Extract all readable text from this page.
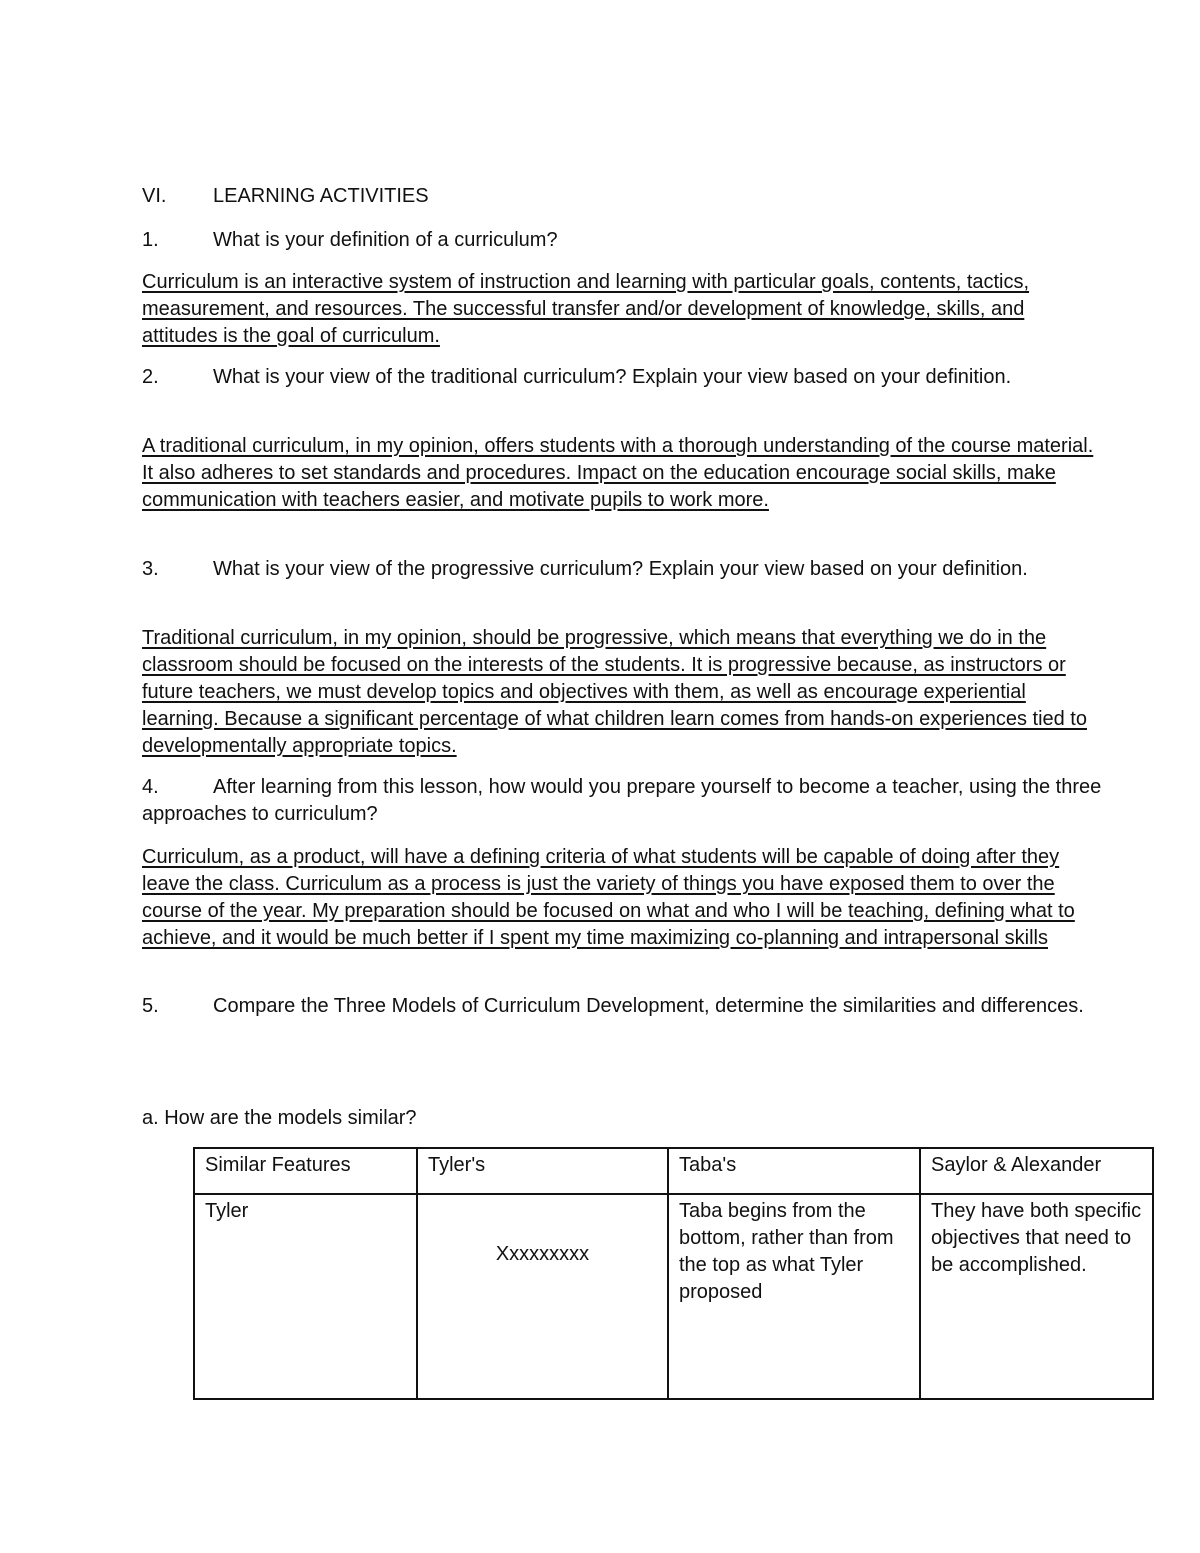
VI. LEARNING ACTIVITIES
1.	What is your definition of a curriculum?
Curriculum is an interactive system of instruction and learning with particular goals, contents, tactics, measurement, and resources. The successful transfer and/or development of knowledge, skills, and attitudes is the goal of curriculum.
2.	What is your view of the traditional curriculum? Explain your view based on your definition.
A traditional curriculum, in my opinion, offers students with a thorough understanding of the course material. It also adheres to set standards and procedures. Impact on the education encourage social skills, make communication with teachers easier, and motivate pupils to work more.
3.	What is your view of the progressive curriculum? Explain your view based on your definition.
Traditional curriculum, in my opinion, should be progressive, which means that everything we do in the classroom should be focused on the interests of the students. It is progressive because, as instructors or future teachers, we must develop topics and objectives with them, as well as encourage experiential learning. Because a significant percentage of what children learn comes from hands-on experiences tied to developmentally appropriate topics.
4.	After learning from this lesson, how would you prepare yourself to become a teacher, using the three approaches to curriculum?
Curriculum, as a product, will have a defining criteria of what students will be capable of doing after they leave the class. Curriculum as a process is just the variety of things you have exposed them to over the course of the year. My preparation should be focused on what and who I will be teaching, defining what to achieve, and it would be much better if I spent my time maximizing co-planning and intrapersonal skills
5.	Compare the Three Models of Curriculum Development, determine the similarities and differences.
a. How are the models similar?
Similar Features	Tyler's	Taba's	Saylor & Alexander
Tyler	Xxxxxxxxx	Taba begins from the bottom, rather than from the top as what Tyler proposed	They have both specific objectives that need to be accomplished.
